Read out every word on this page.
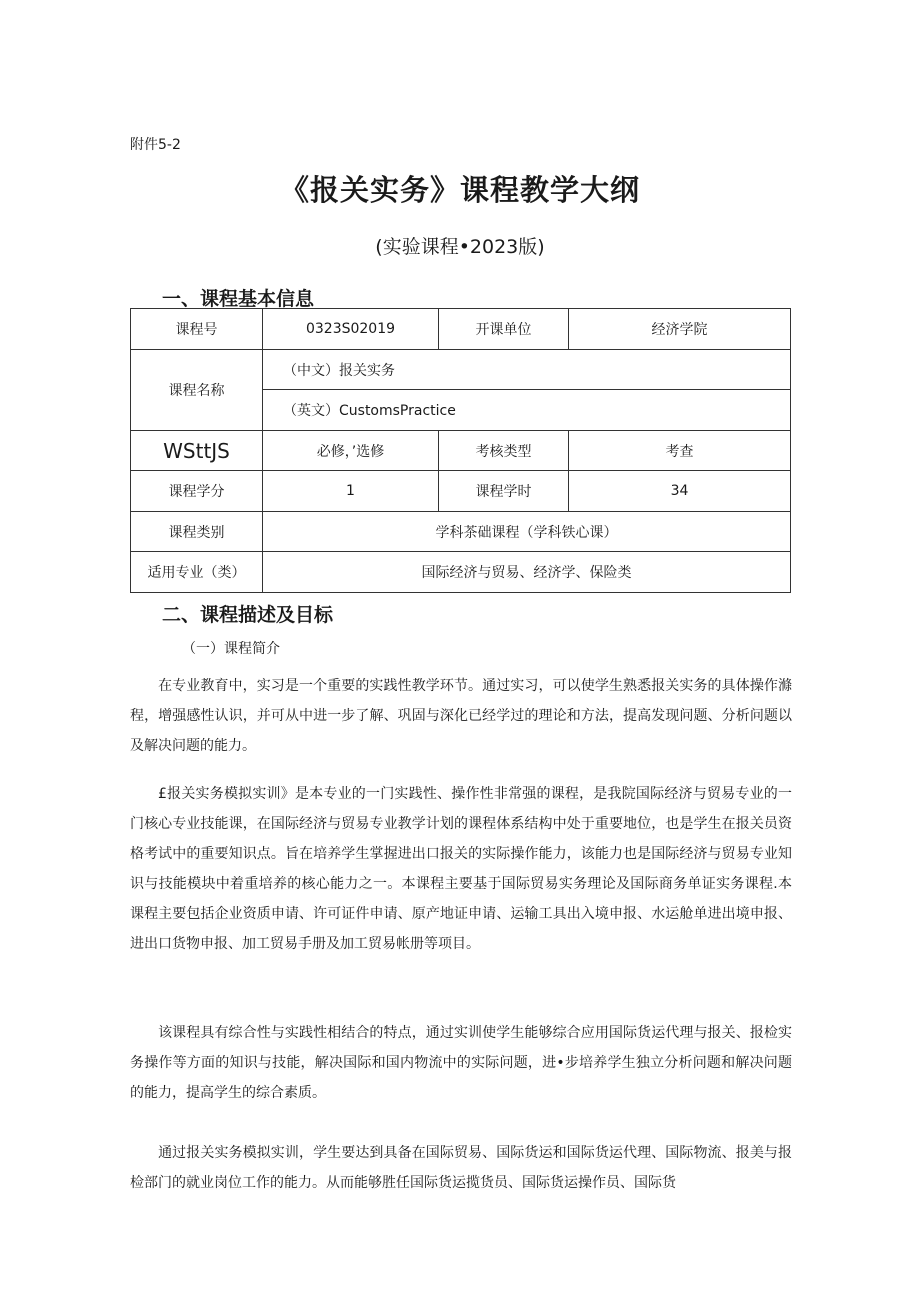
附件5-2
《报关实务》课程教学大纲
(实验课程•2023版)
一、课程基本信息
课程号	0323S02019	开课单位	经济学院
课程名称	（中文）报关实务		
	（英文）CustomsPractice		
WSttJS	必修，’选修	考核类型	考查
课程学分	1	课程学时	34
课程类别	学科茶础课程（学科铁心课）		
适用专业（类）	国际经济与贸易、经济学、保险类		
二、课程描述及目标
（一）课程简介

在专业教育中，实习是一个重要的实践性教学环节。通过实习，可以使学生熟悉报关实务的具体操作滌程，增强感性认识，并可从中进一步了解、巩固与深化已经学过的理论和方法，提高发现问题、分析问题以及解决问题的能力。

£报关实务模拟实训》是本专业的一门实践性、操作性非常强的课程，是我院国际经济与贸易专业的一门核心专业技能课，在国际经济与贸易专业教学计划的课程体系结构中处于重要地位，也是学生在报关员资格考试中的重要知识点。旨在培养学生掌握进出口报关的实际操作能力，该能力也是国际经济与贸易专业知识与技能模块中着重培养的核心能力之一。本课程主要基于国际贸易实务理论及国际商务单证实务课程.本课程主要包括企业资质申请、许可证件申请、原产地证申请、运输工具出入境申报、水运舱单进出境申报、进出口货物申报、加工贸易手册及加工贸易帐册等项目。

该课程具有综合性与实践性相结合的特点，通过实训使学生能够综合应用国际货运代理与报关、报检实务操作等方面的知识与技能，解决国际和国内物流中的实际问题，进•步培养学生独立分析问题和解决问题的能力，提高学生的综合素质。

通过报关实务模拟实训，学生要达到具备在国际贸易、国际货运和国际货运代理、国际物流、报美与报检部门的就业岗位工作的能力。从而能够胜任国际货运揽货员、国际货运操作员、国际货
